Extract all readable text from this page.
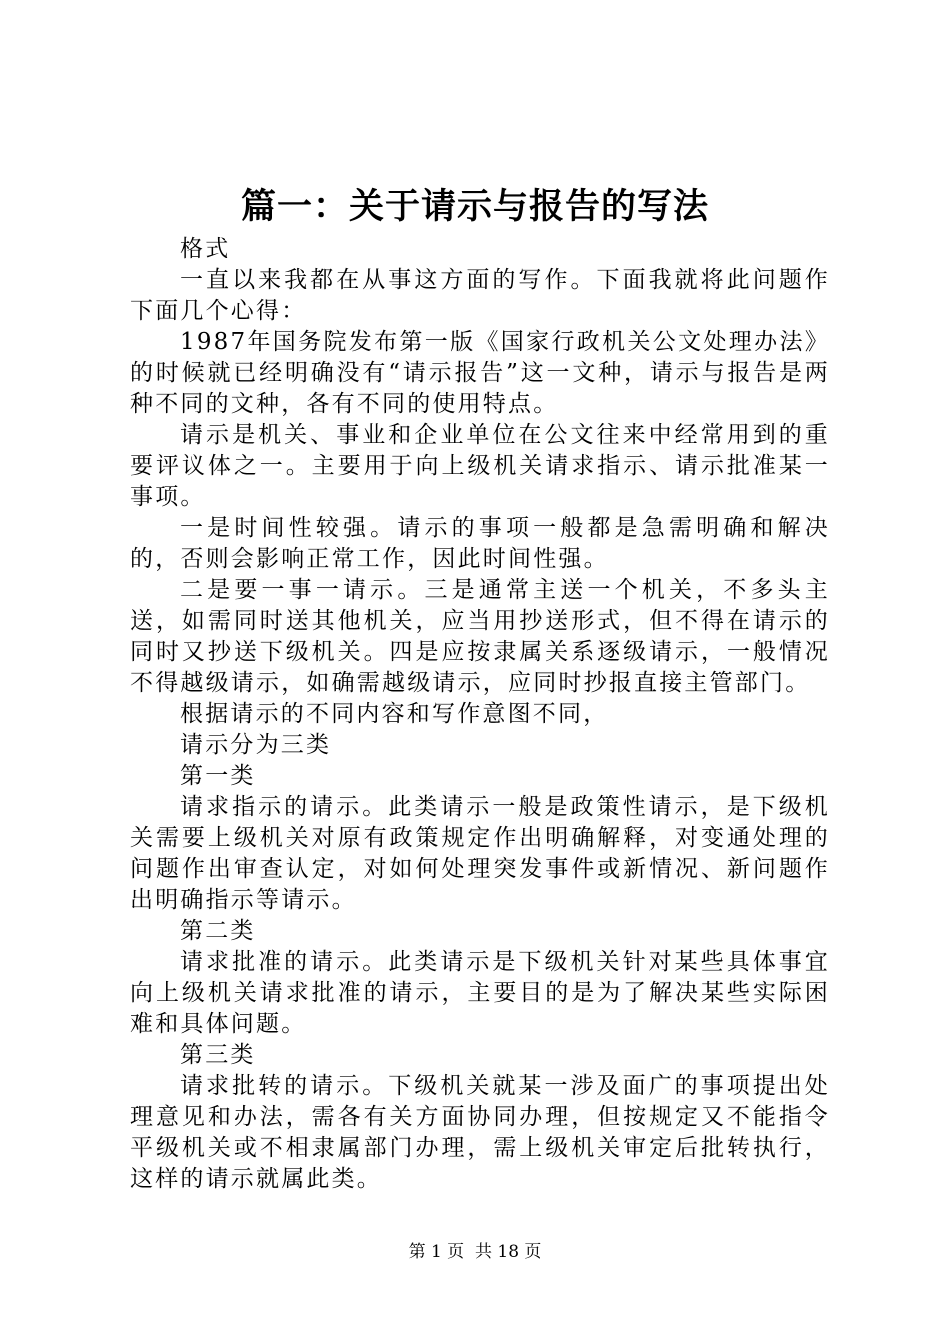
篇一：关于请示与报告的写法

格式

一直以来我都在从事这方面的写作。下面我就将此问题作下面几个心得：

1987年国务院发布第一版《国家行政机关公文处理办法》的时候就已经明确没有“请示报告”这一文种，请示与报告是两种不同的文种，各有不同的使用特点。

请示是机关、事业和企业单位在公文往来中经常用到的重要评议体之一。主要用于向上级机关请求指示、请示批准某一事项。

一是时间性较强。请示的事项一般都是急需明确和解决的，否则会影响正常工作，因此时间性强。

二是要一事一请示。三是通常主送一个机关，不多头主送，如需同时送其他机关，应当用抄送形式，但不得在请示的同时又抄送下级机关。四是应按隶属关系逐级请示，一般情况不得越级请示，如确需越级请示，应同时抄报直接主管部门。

根据请示的不同内容和写作意图不同，

请示分为三类

第一类

请求指示的请示。此类请示一般是政策性请示，是下级机关需要上级机关对原有政策规定作出明确解释，对变通处理的问题作出审查认定，对如何处理突发事件或新情况、新问题作出明确指示等请示。

第二类

请求批准的请示。此类请示是下级机关针对某些具体事宜向上级机关请求批准的请示，主要目的是为了解决某些实际困难和具体问题。

第三类

请求批转的请示。下级机关就某一涉及面广的事项提出处理意见和办法，需各有关方面协同办理，但按规定又不能指令平级机关或不相隶属部门办理，需上级机关审定后批转执行，这样的请示就属此类。

第 1 页  共 18 页
